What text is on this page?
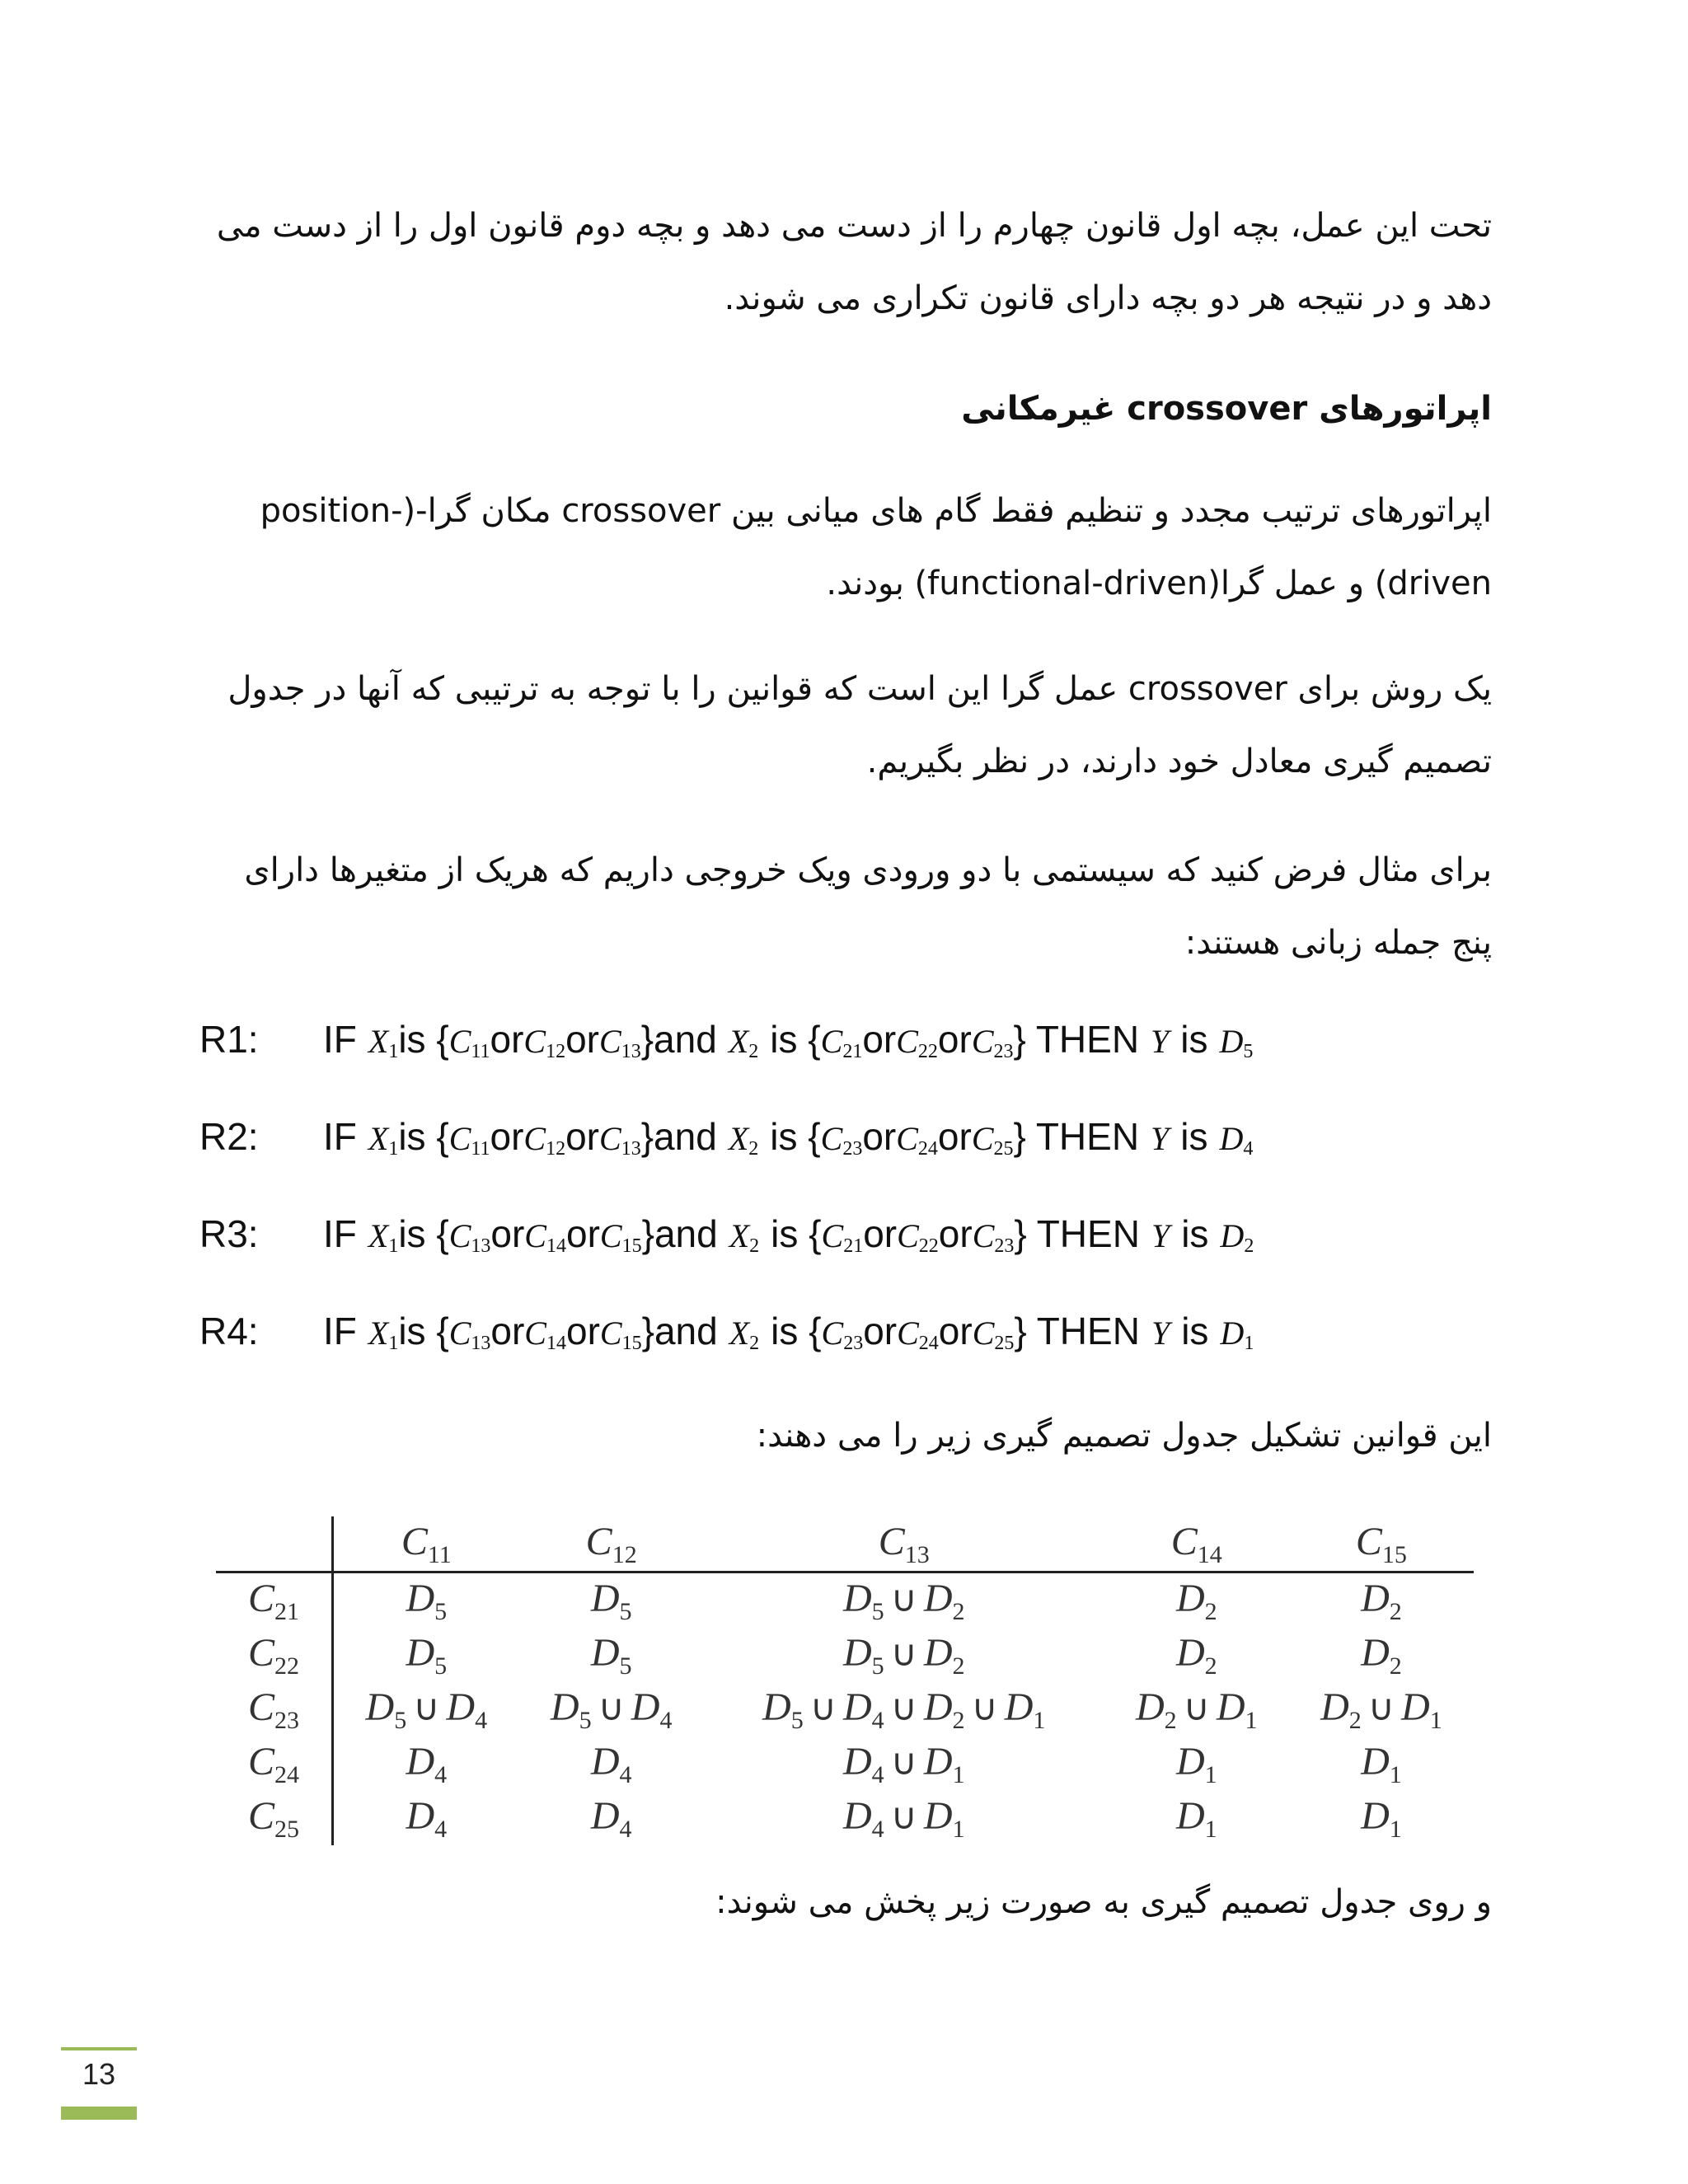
تحت این عمل، بچه اول قانون چهارم را از دست می دهد و بچه دوم قانون اول را از دست می دهد و در نتیجه هر دو بچه دارای قانون تکراری می شوند.

اپراتورهای crossover غیرمکانی

اپراتورهای ترتیب مجدد و تنظیم فقط گام های میانی بین crossover مکان گرا-(position-driven) و عمل گرا(functional-driven) بودند.

یک روش برای crossover عمل گرا این است که قوانین را با توجه به ترتیبی که آنها در جدول تصمیم گیری معادل خود دارند، در نظر بگیریم.

برای مثال فرض کنید که سیستمی با دو ورودی ویک خروجی داریم که هریک از متغیرها دارای پنج جمله زبانی هستند:

R1:	IF $X_1$ is { $C_{11}$ or $C_{12}$ or $C_{13}$ }and $X_2$ is { $C_{21}$ or $C_{22}$ or $C_{23}$ } THEN Y is $D_5$
R2:	IF $X_1$ is { $C_{11}$ or $C_{12}$ or $C_{13}$ }and $X_2$ is { $C_{23}$ or $C_{24}$ or $C_{25}$ } THEN Y is $D_4$
R3:	IF $X_1$ is { $C_{13}$ or $C_{14}$ or $C_{15}$ }and $X_2$ is { $C_{21}$ or $C_{22}$ or $C_{23}$ } THEN Y is $D_2$
R4:	IF $X_1$ is { $C_{13}$ or $C_{14}$ or $C_{15}$ }and $X_2$ is { $C_{23}$ or $C_{24}$ or $C_{25}$ } THEN Y is $D_1$

این قوانین تشکیل جدول تصمیم گیری زیر را می دهند:

	$C_{11}$	$C_{12}$	$C_{13}$	$C_{14}$	$C_{15}$
$C_{21}$	$D_5$	$D_5$	$D_5$ ∪ $D_2$	$D_2$	$D_2$
$C_{22}$	$D_5$	$D_5$	$D_5$ ∪ $D_2$	$D_2$	$D_2$
$C_{23}$	$D_5$ ∪ $D_4$	$D_5$ ∪ $D_4$	$D_5$ ∪ $D_4$ ∪ $D_2$ ∪ $D_1$	$D_2$ ∪ $D_1$	$D_2$ ∪ $D_1$
$C_{24}$	$D_4$	$D_4$	$D_4$ ∪ $D_1$	$D_1$	$D_1$
$C_{25}$	$D_4$	$D_4$	$D_4$ ∪ $D_1$	$D_1$	$D_1$

و روی جدول تصمیم گیری به صورت زیر پخش می شوند:

13
